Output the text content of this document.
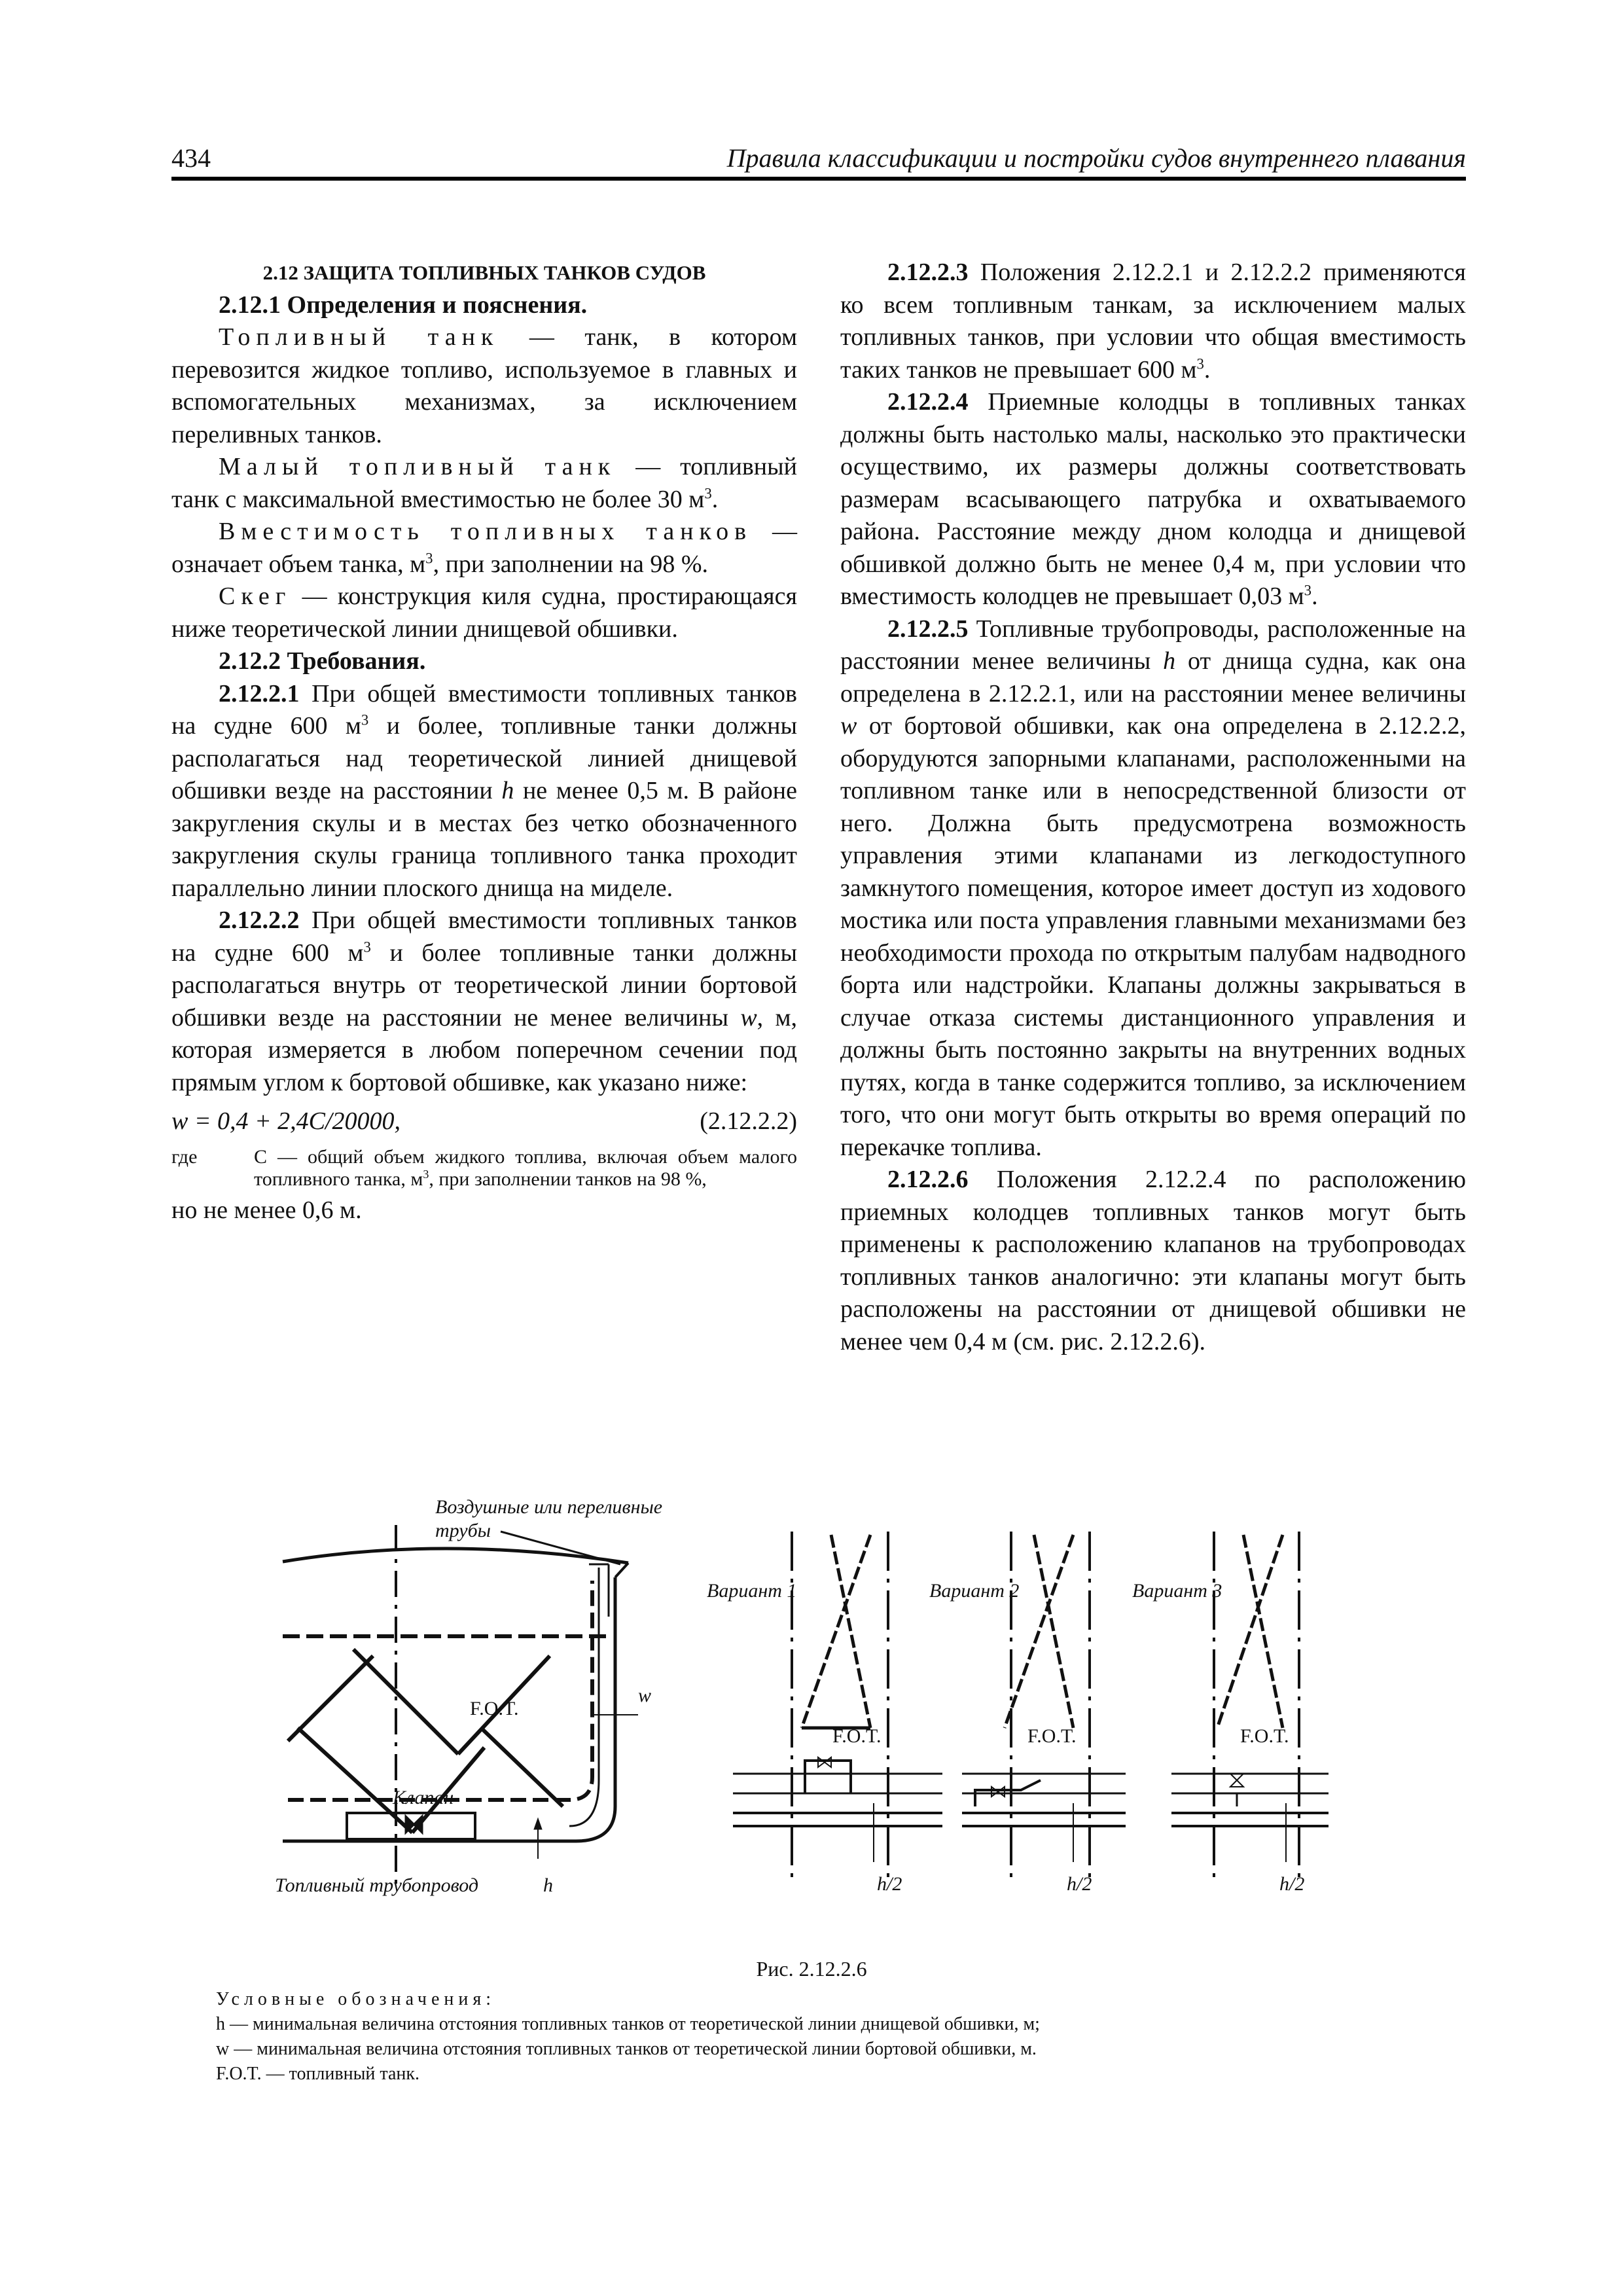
434	Правила классификации и постройки судов внутреннего плавания

2.12 ЗАЩИТА ТОПЛИВНЫХ ТАНКОВ СУДОВ

2.12.1 Определения и пояснения.

Топливный танк — танк, в котором перевозится жидкое топливо, используемое в главных и вспомогательных механизмах, за исключением переливных танков.

Малый топливный танк — топливный танк с максимальной вместимостью не более 30 $м^3$.

Вместимость топливных танков — означает объем танка, $м^3$, при заполнении на 98 %.

Скег — конструкция киля судна, простирающаяся ниже теоретической линии днищевой обшивки.

2.12.2 Требования.

2.12.2.1 При общей вместимости топливных танков на судне 600 $м^3$ и более, топливные танки должны располагаться над теоретической линией днищевой обшивки везде на расстоянии h не менее 0,5 м. В районе закругления скулы и в местах без четко обозначенного закругления скулы граница топливного танка проходит параллельно линии плоского днища на миделе.

2.12.2.2 При общей вместимости топливных танков на судне 600 $м^3$ и более топливные танки должны располагаться внутрь от теоретической линии бортовой обшивки везде на расстоянии не менее величины w, м, которая измеряется в любом поперечном сечении под прямым углом к бортовой обшивке, как указано ниже:

w = 0,4 + 2,4C/20000,	(2.12.2.2)
где	C — общий объем жидкого топлива, включая объем малого топливного танка, $м^3$, при заполнении танков на 98 %,

но не менее 0,6 м.

2.12.2.3 Положения 2.12.2.1 и 2.12.2.2 применяются ко всем топливным танкам, за исключением малых топливных танков, при условии что общая вместимость таких танков не превышает 600 $м^3$.

2.12.2.4 Приемные колодцы в топливных танках должны быть настолько малы, насколько это практически осуществимо, их размеры должны соответствовать размерам всасывающего патрубка и охватываемого района. Расстояние между дном колодца и днищевой обшивкой должно быть не менее 0,4 м, при условии что вместимость колодцев не превышает 0,03 $м^3$.

2.12.2.5 Топливные трубопроводы, расположенные на расстоянии менее величины h от днища судна, как она определена в 2.12.2.1, или на расстоянии менее величины w от бортовой обшивки, как она определена в 2.12.2.2, оборудуются запорными клапанами, расположенными на топливном танке или в непосредственной близости от него. Должна быть предусмотрена возможность управления этими клапанами из легкодоступного замкнутого помещения, которое имеет доступ из ходового мостика или поста управления главными механизмами без необходимости прохода по открытым палубам надводного борта или надстройки. Клапаны должны закрываться в случае отказа системы дистанционного управления и должны быть постоянно закрыты на внутренних водных путях, когда в танке содержится топливо, за исключением того, что они могут быть открыты во время операций по перекачке топлива.

2.12.2.6 Положения 2.12.2.4 по расположению приемных колодцев топливных танков могут быть применены к расположению клапанов на трубопроводах топливных танков аналогично: эти клапаны могут быть расположены на расстоянии от днищевой обшивки не менее чем 0,4 м (см. рис. 2.12.2.6).

Воздушные или переливные
трубы
F.O.T.
w
Клапан
Топливный трубопровод	h
Вариант 1	Вариант 2	Вариант 3
F.O.T.	F.O.T.	F.O.T.
h/2	h/2	h/2
Рис. 2.12.2.6
Условные обозначения:
h — минимальная величина отстояния топливных танков от теоретической линии днищевой обшивки, м;
w — минимальная величина отстояния топливных танков от теоретической линии бортовой обшивки, м.
F.O.T. — топливный танк.
